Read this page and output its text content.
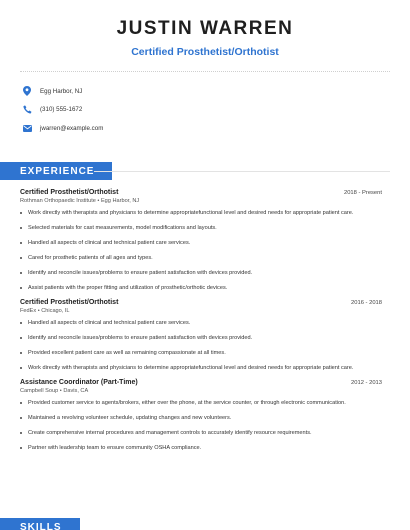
JUSTIN WARREN
Certified Prosthetist/Orthotist
Egg Harbor, NJ
(310) 555-1672
jwarren@example.com
EXPERIENCE
Certified Prosthetist/Orthotist	2018 - Present
Rothman Orthopaedic Institute • Egg Harbor, NJ
Work directly with therapists and physicians to determine appropriatefunctional level and desired needs for appropriate patient care.
Selected materials for cast measurements, model modifications and layouts.
Handled all aspects of clinical and technical patient care services.
Cared for prosthetic patients of all ages and types.
Identify and reconcile issues/problems to ensure patient satisfaction with devices provided.
Assist patients with the proper fitting and utilization of prosthetic/orthotic devices.
Certified Prosthetist/Orthotist	2016 - 2018
FedEx • Chicago, IL
Handled all aspects of clinical and technical patient care services.
Identify and reconcile issues/problems to ensure patient satisfaction with devices provided.
Provided excellent patient care as well as remaining compassionate at all times.
Work directly with therapists and physicians to determine appropriatefunctional level and desired needs for appropriate patient care.
Assistance Coordinator (Part-Time)	2012 - 2013
Campbell Soup • Davis, CA
Provided customer service to agents/brokers, either over the phone, at the service counter, or through electronic communication.
Maintained a revolving volunteer schedule, updating changes and new volunteers.
Create comprehensive internal procedures and management controls to accurately identify resource requirements.
Partner with leadership team to ensure community OSHA compliance.
SKILLS
